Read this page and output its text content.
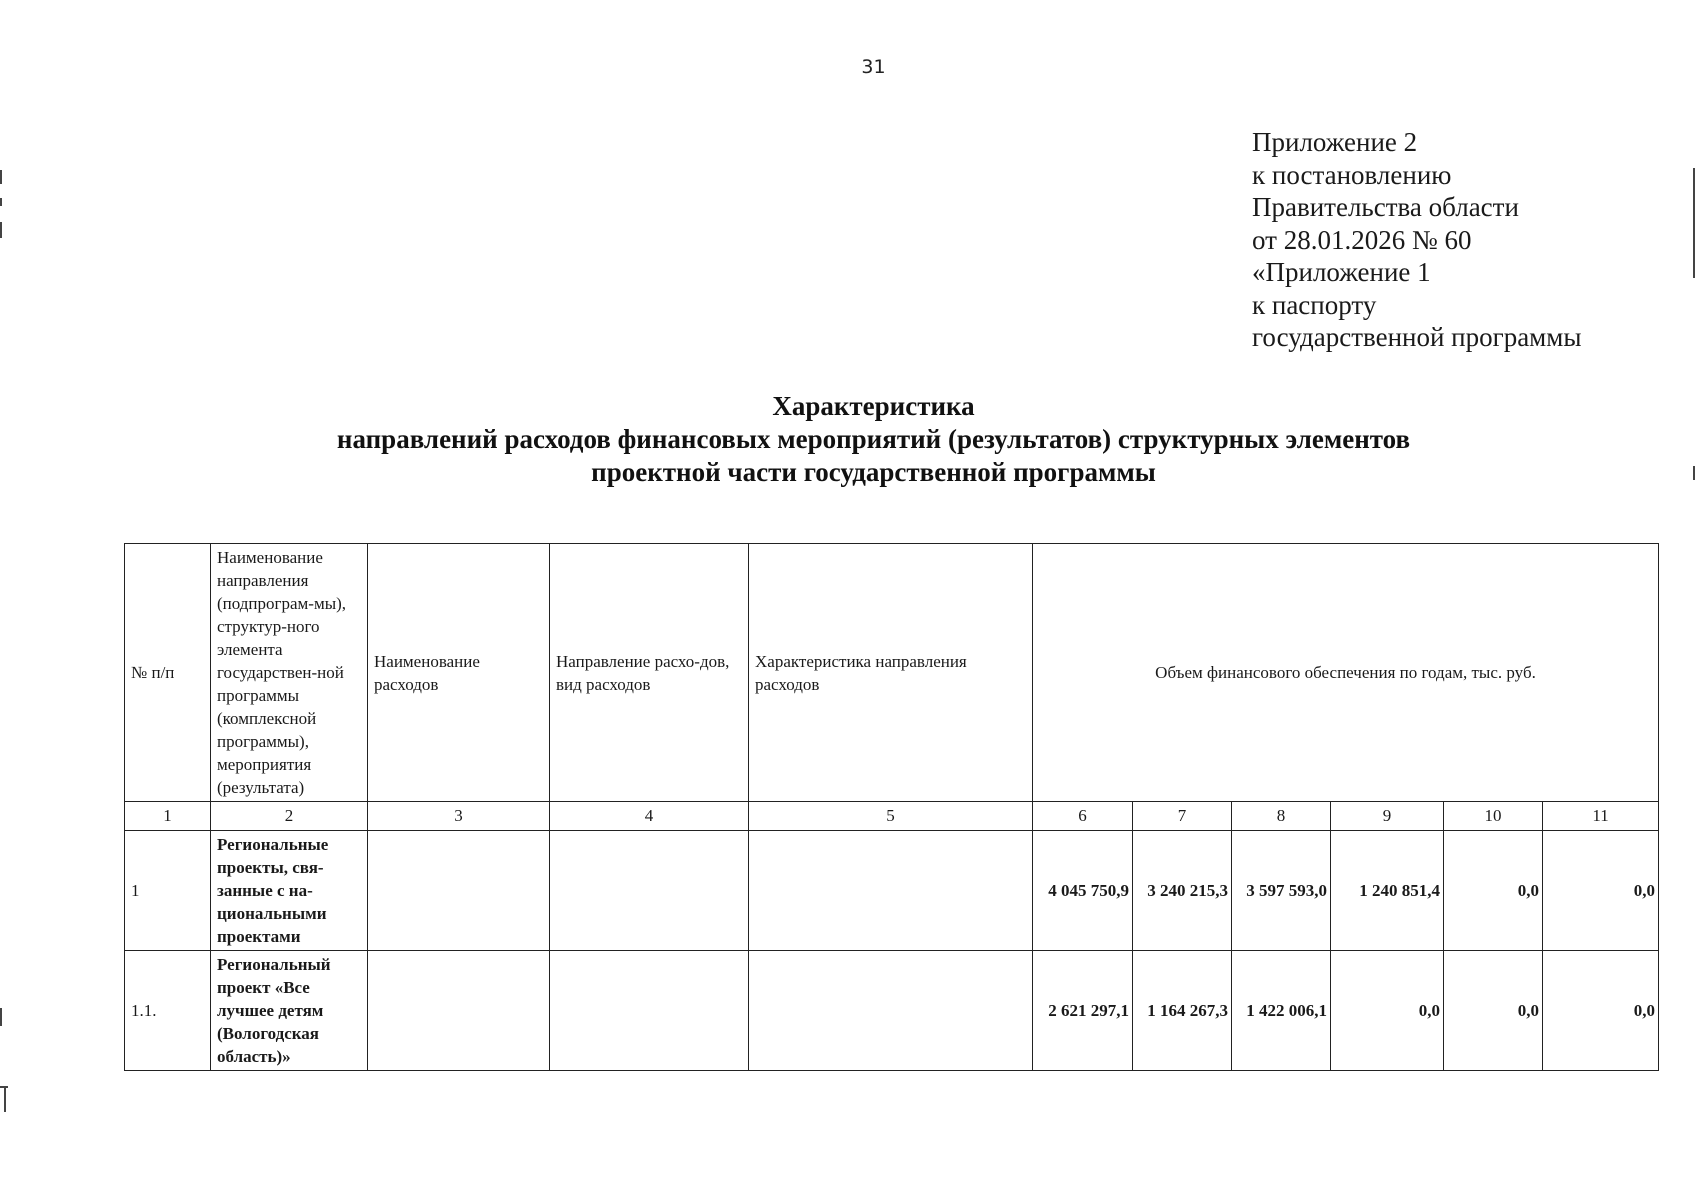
31
Приложение 2
к постановлению
Правительства области
от 28.01.2026 № 60
«Приложение 1
к паспорту
государственной программы
Характеристика
направлений расходов финансовых мероприятий (результатов) структурных элементов
проектной части государственной программы
№ п/п	Наименование направления (подпрограм-мы), структур-ного элемента государствен-ной программы (комплексной программы), мероприятия (результата)	Наименование расходов	Направление расхо-дов, вид расходов	Характеристика направления расходов	Объем финансового обеспечения по годам, тыс. руб.					
1	2	3	4	5	6	7	8	9	10	11
1	Региональные проекты, свя-занные с на-циональными проектами				4 045 750,9	3 240 215,3	3 597 593,0	1 240 851,4	0,0	0,0
1.1.	Региональный проект «Все лучшее детям (Вологодская область)»				2 621 297,1	1 164 267,3	1 422 006,1	0,0	0,0	0,0
